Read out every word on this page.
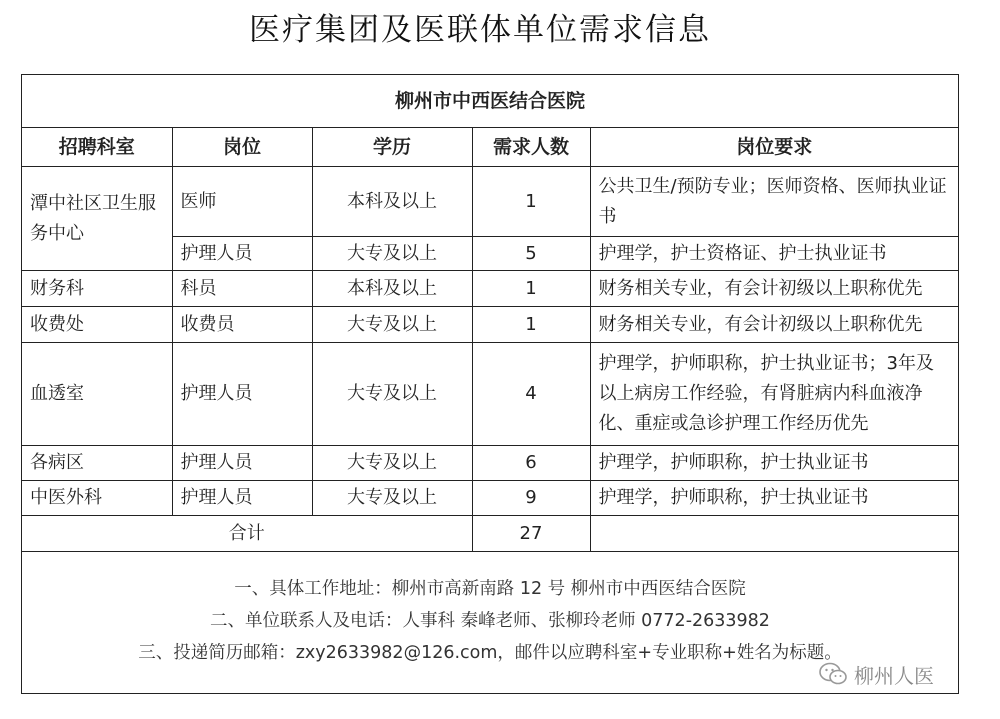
医疗集团及医联体单位需求信息
柳州市中西医结合医院				
招聘科室	岗位	学历	需求人数	岗位要求
潭中社区卫生服务中心	医师	本科及以上	1	公共卫生/预防专业；医师资格、医师执业证书
	护理人员	大专及以上	5	护理学，护士资格证、护士执业证书
财务科	科员	本科及以上	1	财务相关专业，有会计初级以上职称优先
收费处	收费员	大专及以上	1	财务相关专业，有会计初级以上职称优先
血透室	护理人员	大专及以上	4	护理学，护师职称，护士执业证书；3年及以上病房工作经验，有肾脏病内科血液净化、重症或急诊护理工作经历优先
各病区	护理人员	大专及以上	6	护理学，护师职称，护士执业证书
中医外科	护理人员	大专及以上	9	护理学，护师职称，护士执业证书
合计			27	
一、具体工作地址：柳州市高新南路 12 号 柳州市中西医结合医院
二、单位联系人及电话：人事科 秦峰老师、张柳玲老师 0772-2633982
三、投递简历邮箱：zxy2633982@126.com，邮件以应聘科室+专业职称+姓名为标题。
柳州人医
